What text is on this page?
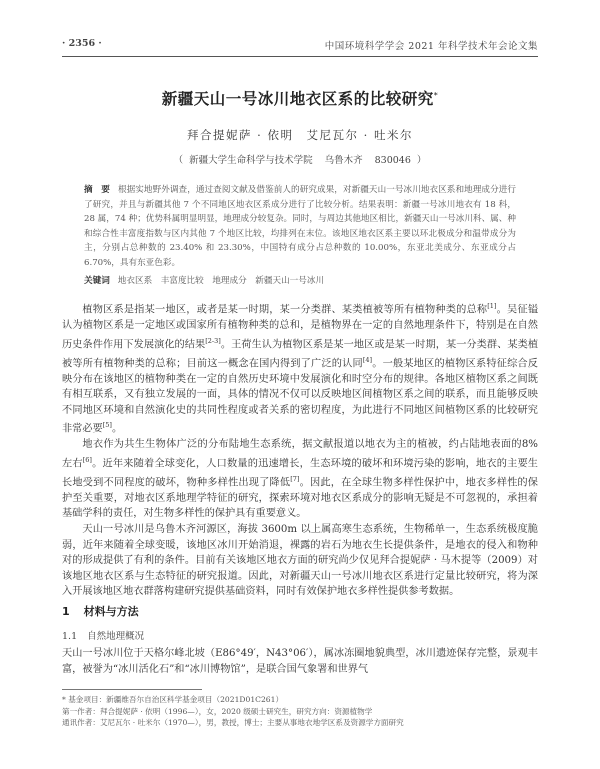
· 2356 ·	中国环境科学学会 2021 年科学技术年会论文集
新疆天山一号冰川地衣区系的比较研究*
拜合提妮萨 · 依明　艾尼瓦尔 · 吐米尔
（ 新疆大学生命科学与技术学院 乌鲁木齐 830046 ）
摘　要 根据实地野外调查，通过查阅文献及借鉴前人的研究成果，对新疆天山一号冰川地衣区系和地理成分进行了研究，并且与新疆其他 7 个不同地区地衣区系成分进行了比较分析。结果表明：新疆一号冰川地衣有 18 科，28 属，74 种；优势科属明显明显，地理成分较复杂。同时，与周边其他地区相比，新疆天山一号冰川科、属、种和综合性丰富度指数与区内其他 7 个地区比较，均排列在末位。该地区地衣区系主要以环北极成分和温带成分为主，分别占总种数的 23.40% 和 23.30%，中国特有成分占总种数的 10.00%，东亚北美成分、东亚成分占 6.70%，具有东亚色彩。
关键词 地衣区系　丰富度比较　地理成分　新疆天山一号冰川

植物区系是指某一地区，或者是某一时期，某一分类群、某类植被等所有植物种类的总称[1]。吴征镒认为植物区系是一定地区或国家所有植物种类的总和，是植物界在一定的自然地理条件下，特别是在自然历史条件作用下发展演化的结果[2-3]。王荷生认为植物区系是某一地区或是某一时期，某一分类群、某类植被等所有植物种类的总称；目前这一概念在国内得到了广泛的认同[4]。一般某地区的植物区系特征综合反映分布在该地区的植物种类在一定的自然历史环境中发展演化和时空分布的规律。各地区植物区系之间既有相互联系，又有独立发展的一面，具体的情况不仅可以反映地区间植物区系之间的联系，而且能够反映不同地区环境和自然演化史的共同性程度或者关系的密切程度，为此进行不同地区间植物区系的比较研究非常必要[5]。

地衣作为共生生物体广泛的分布陆地生态系统，据文献报道以地衣为主的植被，约占陆地表面的8% 左右[6]。近年来随着全球变化，人口数量的迅速增长，生态环境的破坏和环境污染的影响，地衣的主要生长地受到不同程度的破坏，物种多样性出现了降低[7]。因此，在全球生物多样性保护中，地衣多样性的保护至关重要，对地衣区系地理学特征的研究，探索环境对地衣区系成分的影响无疑是不可忽视的，承担着基础学科的责任，对生物多样性的保护具有重要意义。

天山一号冰川是乌鲁木齐河源区，海拔 3600m 以上属高寒生态系统，生物稀单一，生态系统极度脆弱，近年来随着全球变暖，该地区冰川开始消退，裸露的岩石为地衣生长提供条件，是地衣的侵入和物种对的形成提供了有利的条件。目前有关该地区地衣方面的研究尚少仅见拜合提妮萨 · 马木提等（2009）对该地区地衣区系与生态特征的研究报道。因此，对新疆天山一号冰川地衣区系进行定量比较研究，将为深入开展该地区地衣群落构建研究提供基础资料，同时有效保护地衣多样性提供参考数据。

1 材料与方法
1.1 自然地理概况
天山一号冰川位于天格尔峰北坡（E86°49′，N43°06′），属冰冻圈地貌典型，冰川遗迹保存完整，景观丰富，被誉为“冰川活化石”和“冰川博物馆”，是联合国气象署和世界气
* 基金项目：新疆维吾尔自治区科学基金项目（2021D01C261）
第一作者：拜合提妮萨 · 依明（1996—），女，2020 级硕士研究生，研究方向：资源植物学
通讯作者：艾尼瓦尔 · 吐米尔（1970—），男，教授，博士；主要从事地衣地学区系及资源学方面研究
